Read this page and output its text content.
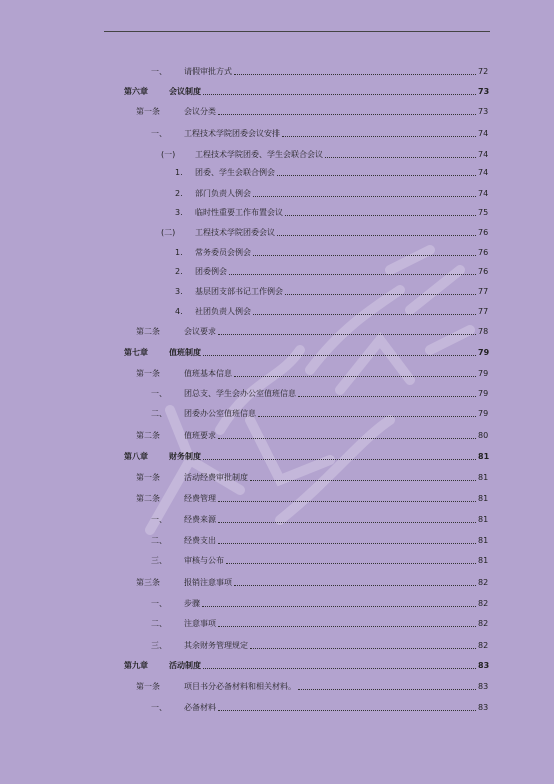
一、	请假审批方式	72
第六章	会议制度	73
第一条	会议分类	73
一、	工程技术学院团委会议安排	74
(一)	工程技术学院团委、学生会联合会议	74
1.	团委、学生会联合例会	74
2.	部门负责人例会	74
3.	临时性重要工作布置会议	75
(二)	工程技术学院团委会议	76
1.	常务委员会例会	76
2.	团委例会	76
3.	基层团支部书记工作例会	77
4.	社团负责人例会	77
第二条	会议要求	78
第七章	值班制度	79
第一条	值班基本信息	79
一、	团总支、学生会办公室值班信息	79
二、	团委办公室值班信息	79
第二条	值班要求	80
第八章	财务制度	81
第一条	活动经费审批制度	81
第二条	经费管理	81
一、	经费来源	81
二、	经费支出	81
三、	审核与公布	81
第三条	报销注意事项	82
一、	步骤	82
二、	注意事项	82
三、	其余财务管理规定	82
第九章	活动制度	83
第一条	项目书分必备材料和相关材料。	83
一、	必备材料	83
